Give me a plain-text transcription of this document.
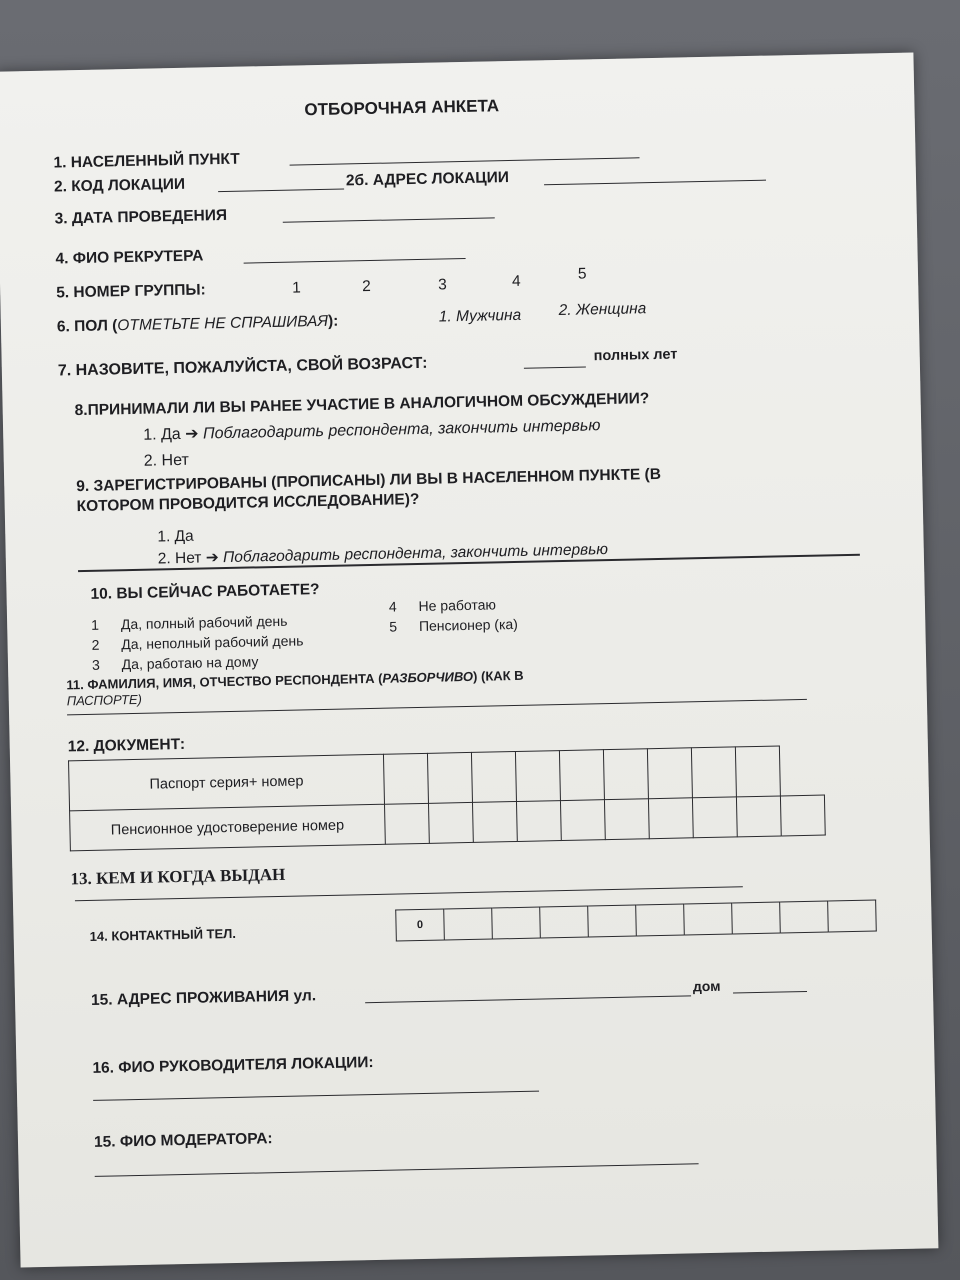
ОТБОРОЧНАЯ АНКЕТА
1. НАСЕЛЕННЫЙ ПУНКТ
2. КОД ЛОКАЦИИ	2б. АДРЕС ЛОКАЦИИ
3. ДАТА ПРОВЕДЕНИЯ
4. ФИО РЕКРУТЕРА
5. НОМЕР ГРУППЫ:	1	2	3	4	5
6. ПОЛ (ОТМЕТЬТЕ НЕ СПРАШИВАЯ):	1. Мужчина 2. Женщина
7. НАЗОВИТЕ, ПОЖАЛУЙСТА, СВОЙ ВОЗРАСТ:	полных лет
8.ПРИНИМАЛИ ЛИ ВЫ РАНЕЕ УЧАСТИЕ В АНАЛОГИЧНОМ ОБСУЖДЕНИИ?
1. Да ➔ Поблагодарить респондента, закончить интервью
2. Нет
9. ЗАРЕГИСТРИРОВАНЫ (ПРОПИСАНЫ) ЛИ ВЫ В НАСЕЛЕННОМ ПУНКТЕ (В
КОТОРОМ ПРОВОДИТСЯ ИССЛЕДОВАНИЕ)?
1. Да
2. Нет ➔ Поблагодарить респондента, закончить интервью
10. ВЫ СЕЙЧАС РАБОТАЕТЕ?
1 Да, полный рабочий день
2 Да, неполный рабочий день
3 Да, работаю на дому
4 Не работаю
5 Пенсионер (ка)
11. ФАМИЛИЯ, ИМЯ, ОТЧЕСТВО РЕСПОНДЕНТА (РАЗБОРЧИВО) (КАК В
ПАСПОРТЕ)
12. ДОКУМЕНТ:
Паспорт серия+ номер										
Пенсионное удостоверение номер										
13. КЕМ И КОГДА ВЫДАН
14. КОНТАКТНЫЙ ТЕЛ.
0									
15. АДРЕС ПРОЖИВАНИЯ ул.
дом
16. ФИО РУКОВОДИТЕЛЯ ЛОКАЦИИ:
15. ФИО МОДЕРАТОРА:
